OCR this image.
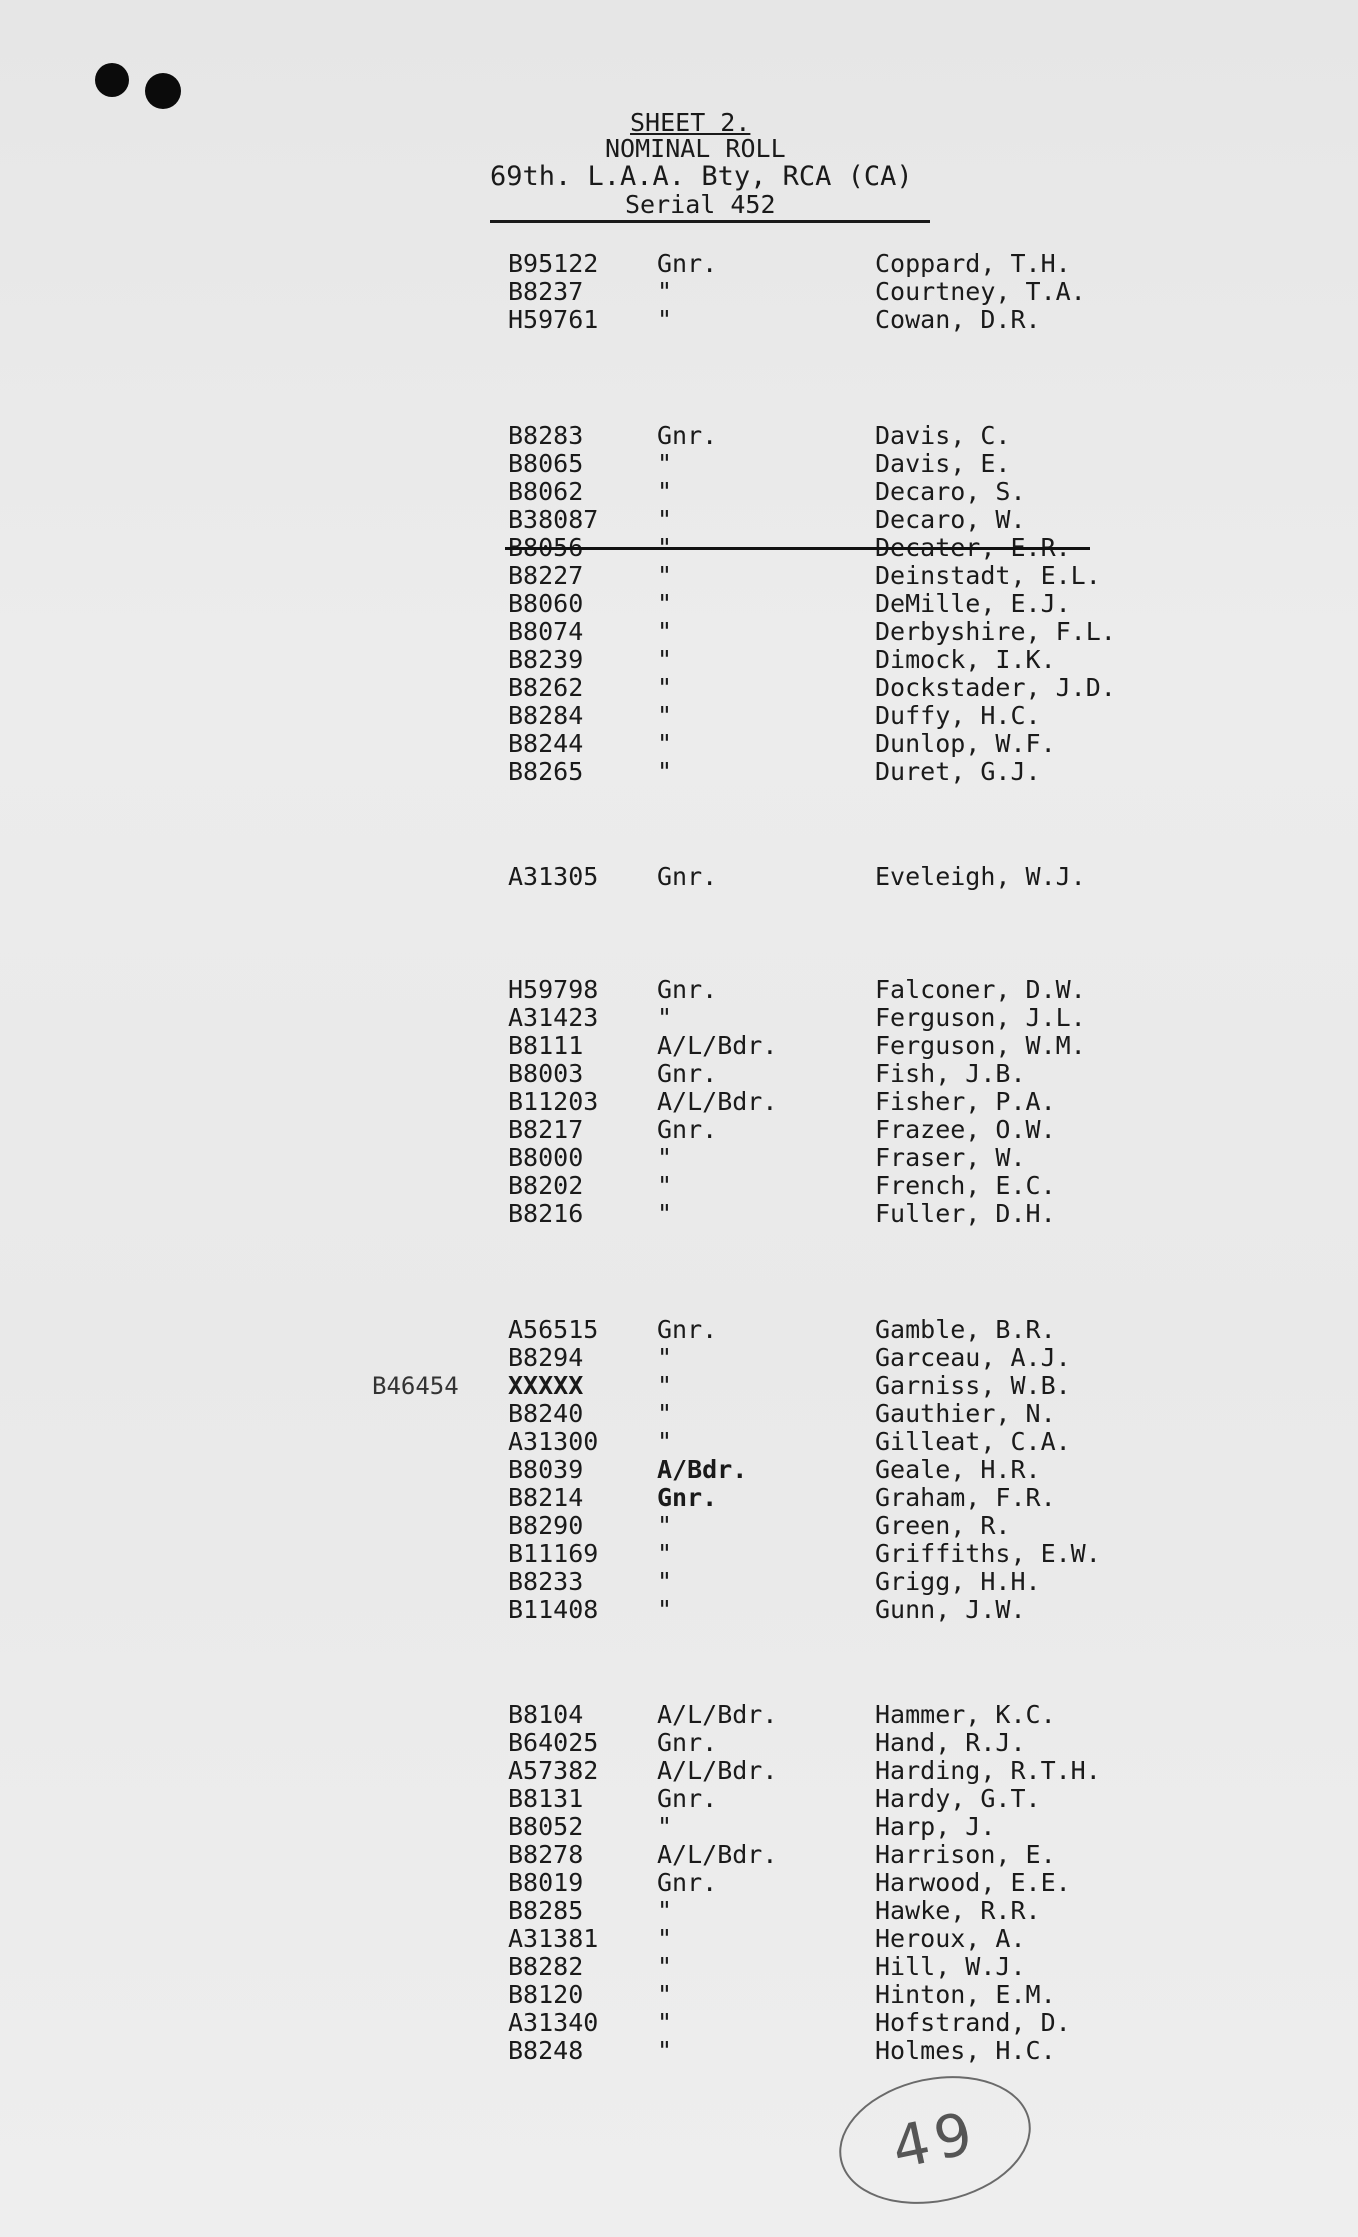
SHEET 2.
NOMINAL ROLL
69th. L.A.A. Bty, RCA (CA)
Serial 452
B95122 Gnr.	Coppard, T.H.
B8237	"	Courtney, T.A.
H59761 "	Cowan, D.R.
B8283	Gnr.	Davis, C.
B8065	"	Davis, E.
B8062	"	Decaro, S.
B38087 "	Decaro, W.
B8056	"	Decater, E.R.
B8227	"	Deinstadt, E.L.
B8060	"	DeMille, E.J.
B8074	"	Derbyshire, F.L.
B8239	"	Dimock, I.K.
B8262	"	Dockstader, J.D.
B8284	"	Duffy, H.C.
B8244	"	Dunlop, W.F.
B8265	"	Duret, G.J.
A31305 Gnr.	Eveleigh, W.J.
H59798 Gnr.	Falconer, D.W.
A31423 "	Ferguson, J.L.
B8111	A/L/Bdr.	Ferguson, W.M.
B8003	Gnr.	Fish, J.B.
B11203 A/L/Bdr.	Fisher, P.A.
B8217	Gnr.	Frazee, O.W.
B8000	"	Fraser, W.
B8202	"	French, E.C.
B8216	"	Fuller, D.H.
A56515 Gnr.	Gamble, B.R.
B8294	"	Garceau, A.J.
B46454 XXXXX	"	Garniss, W.B.
B8240	"	Gauthier, N.
A31300 "	Gilleat, C.A.
B8039	A/Bdr.	Geale, H.R.
B8214	Gnr.	Graham, F.R.
B8290	"	Green, R.
B11169 "	Griffiths, E.W.
B8233	"	Grigg, H.H.
B11408 "	Gunn, J.W.
B8104	A/L/Bdr.	Hammer, K.C.
B64025 Gnr.	Hand, R.J.
A57382 A/L/Bdr.	Harding, R.T.H.
B8131	Gnr.	Hardy, G.T.
B8052	"	Harp, J.
B8278	A/L/Bdr.	Harrison, E.
B8019	Gnr.	Harwood, E.E.
B8285	"	Hawke, R.R.
A31381 "	Heroux, A.
B8282	"	Hill, W.J.
B8120	"	Hinton, E.M.
A31340 "	Hofstrand, D.
B8248	"	Holmes, H.C.
49
